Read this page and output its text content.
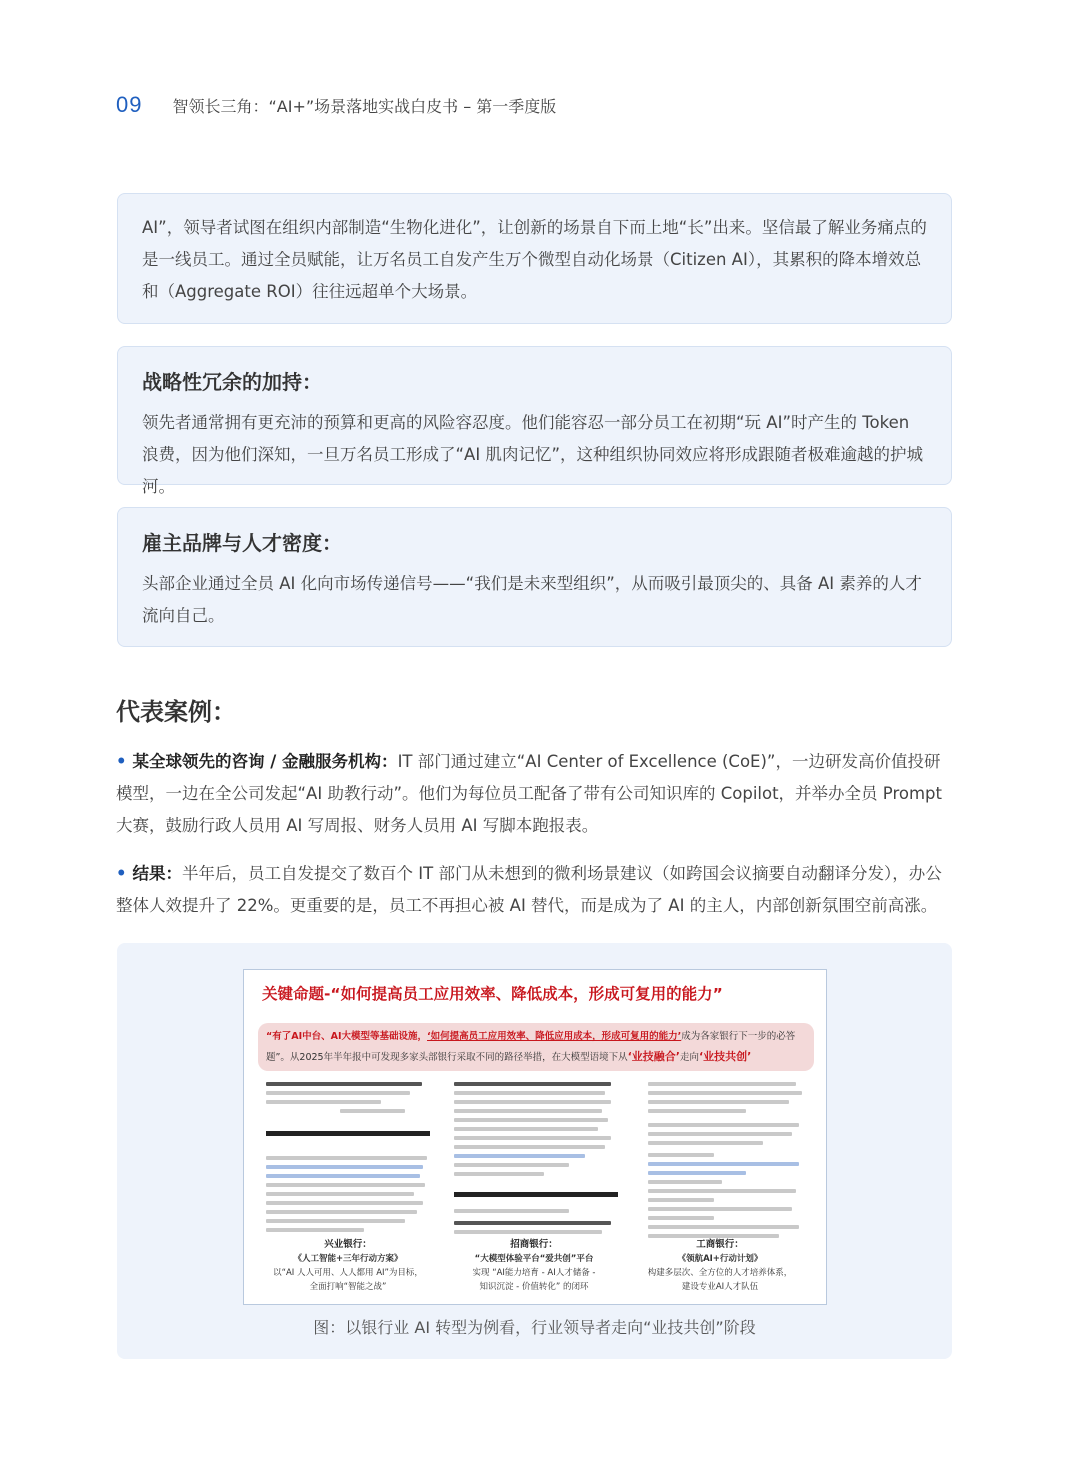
09 智领长三角：“AI+”场景落地实战白皮书 – 第一季度版

AI”，领导者试图在组织内部制造“生物化进化”，让创新的场景自下而上地“长”出来。坚信最了解业务痛点的是一线员工。通过全员赋能，让万名员工自发产生万个微型自动化场景（Citizen AI），其累积的降本增效总和（Aggregate ROI）往往远超单个大场景。

战略性冗余的加持：

领先者通常拥有更充沛的预算和更高的风险容忍度。他们能容忍一部分员工在初期“玩 AI”时产生的 Token 浪费，因为他们深知，一旦万名员工形成了“AI 肌肉记忆”，这种组织协同效应将形成跟随者极难逾越的护城河。

雇主品牌与人才密度：

头部企业通过全员 AI 化向市场传递信号——“我们是未来型组织”，从而吸引最顶尖的、具备 AI 素养的人才流向自己。

代表案例：
• 某全球领先的咨询 / 金融服务机构：IT 部门通过建立“AI Center of Excellence (CoE)”，一边研发高价值投研模型，一边在全公司发起“AI 助教行动”。他们为每位员工配备了带有公司知识库的 Copilot，并举办全员 Prompt 大赛，鼓励行政人员用 AI 写周报、财务人员用 AI 写脚本跑报表。
• 结果：半年后，员工自发提交了数百个 IT 部门从未想到的微利场景建议（如跨国会议摘要自动翻译分发），办公整体人效提升了 22%。更重要的是，员工不再担心被 AI 替代，而是成为了 AI 的主人，内部创新氛围空前高涨。
关键命题-“如何提高员工应用效率、降低成本，形成可复用的能力”
“有了AI中台、AI大模型等基础设施，‘如何提高员工应用效率、降低应用成本，形成可复用的能力’成为各家银行下一步的必答题”。从2025年半年报中可发现多家头部银行采取不同的路径举措，在大模型语境下从‘业技融合’走向‘业技共创’
兴业银行：
《人工智能+三年行动方案》
以“AI 人人可用、人人都用 AI”为目标，
全面打响“智能之战”
招商银行：
“大模型体验平台“爱共创”平台
实现 “AI能力培育 - AI人才储备 -
知识沉淀 - 价值转化” 的闭环
工商银行：
《领航AI+行动计划》
构建多层次、全方位的人才培养体系，
建设专业AI人才队伍
图：以银行业 AI 转型为例看，行业领导者走向“业技共创”阶段
